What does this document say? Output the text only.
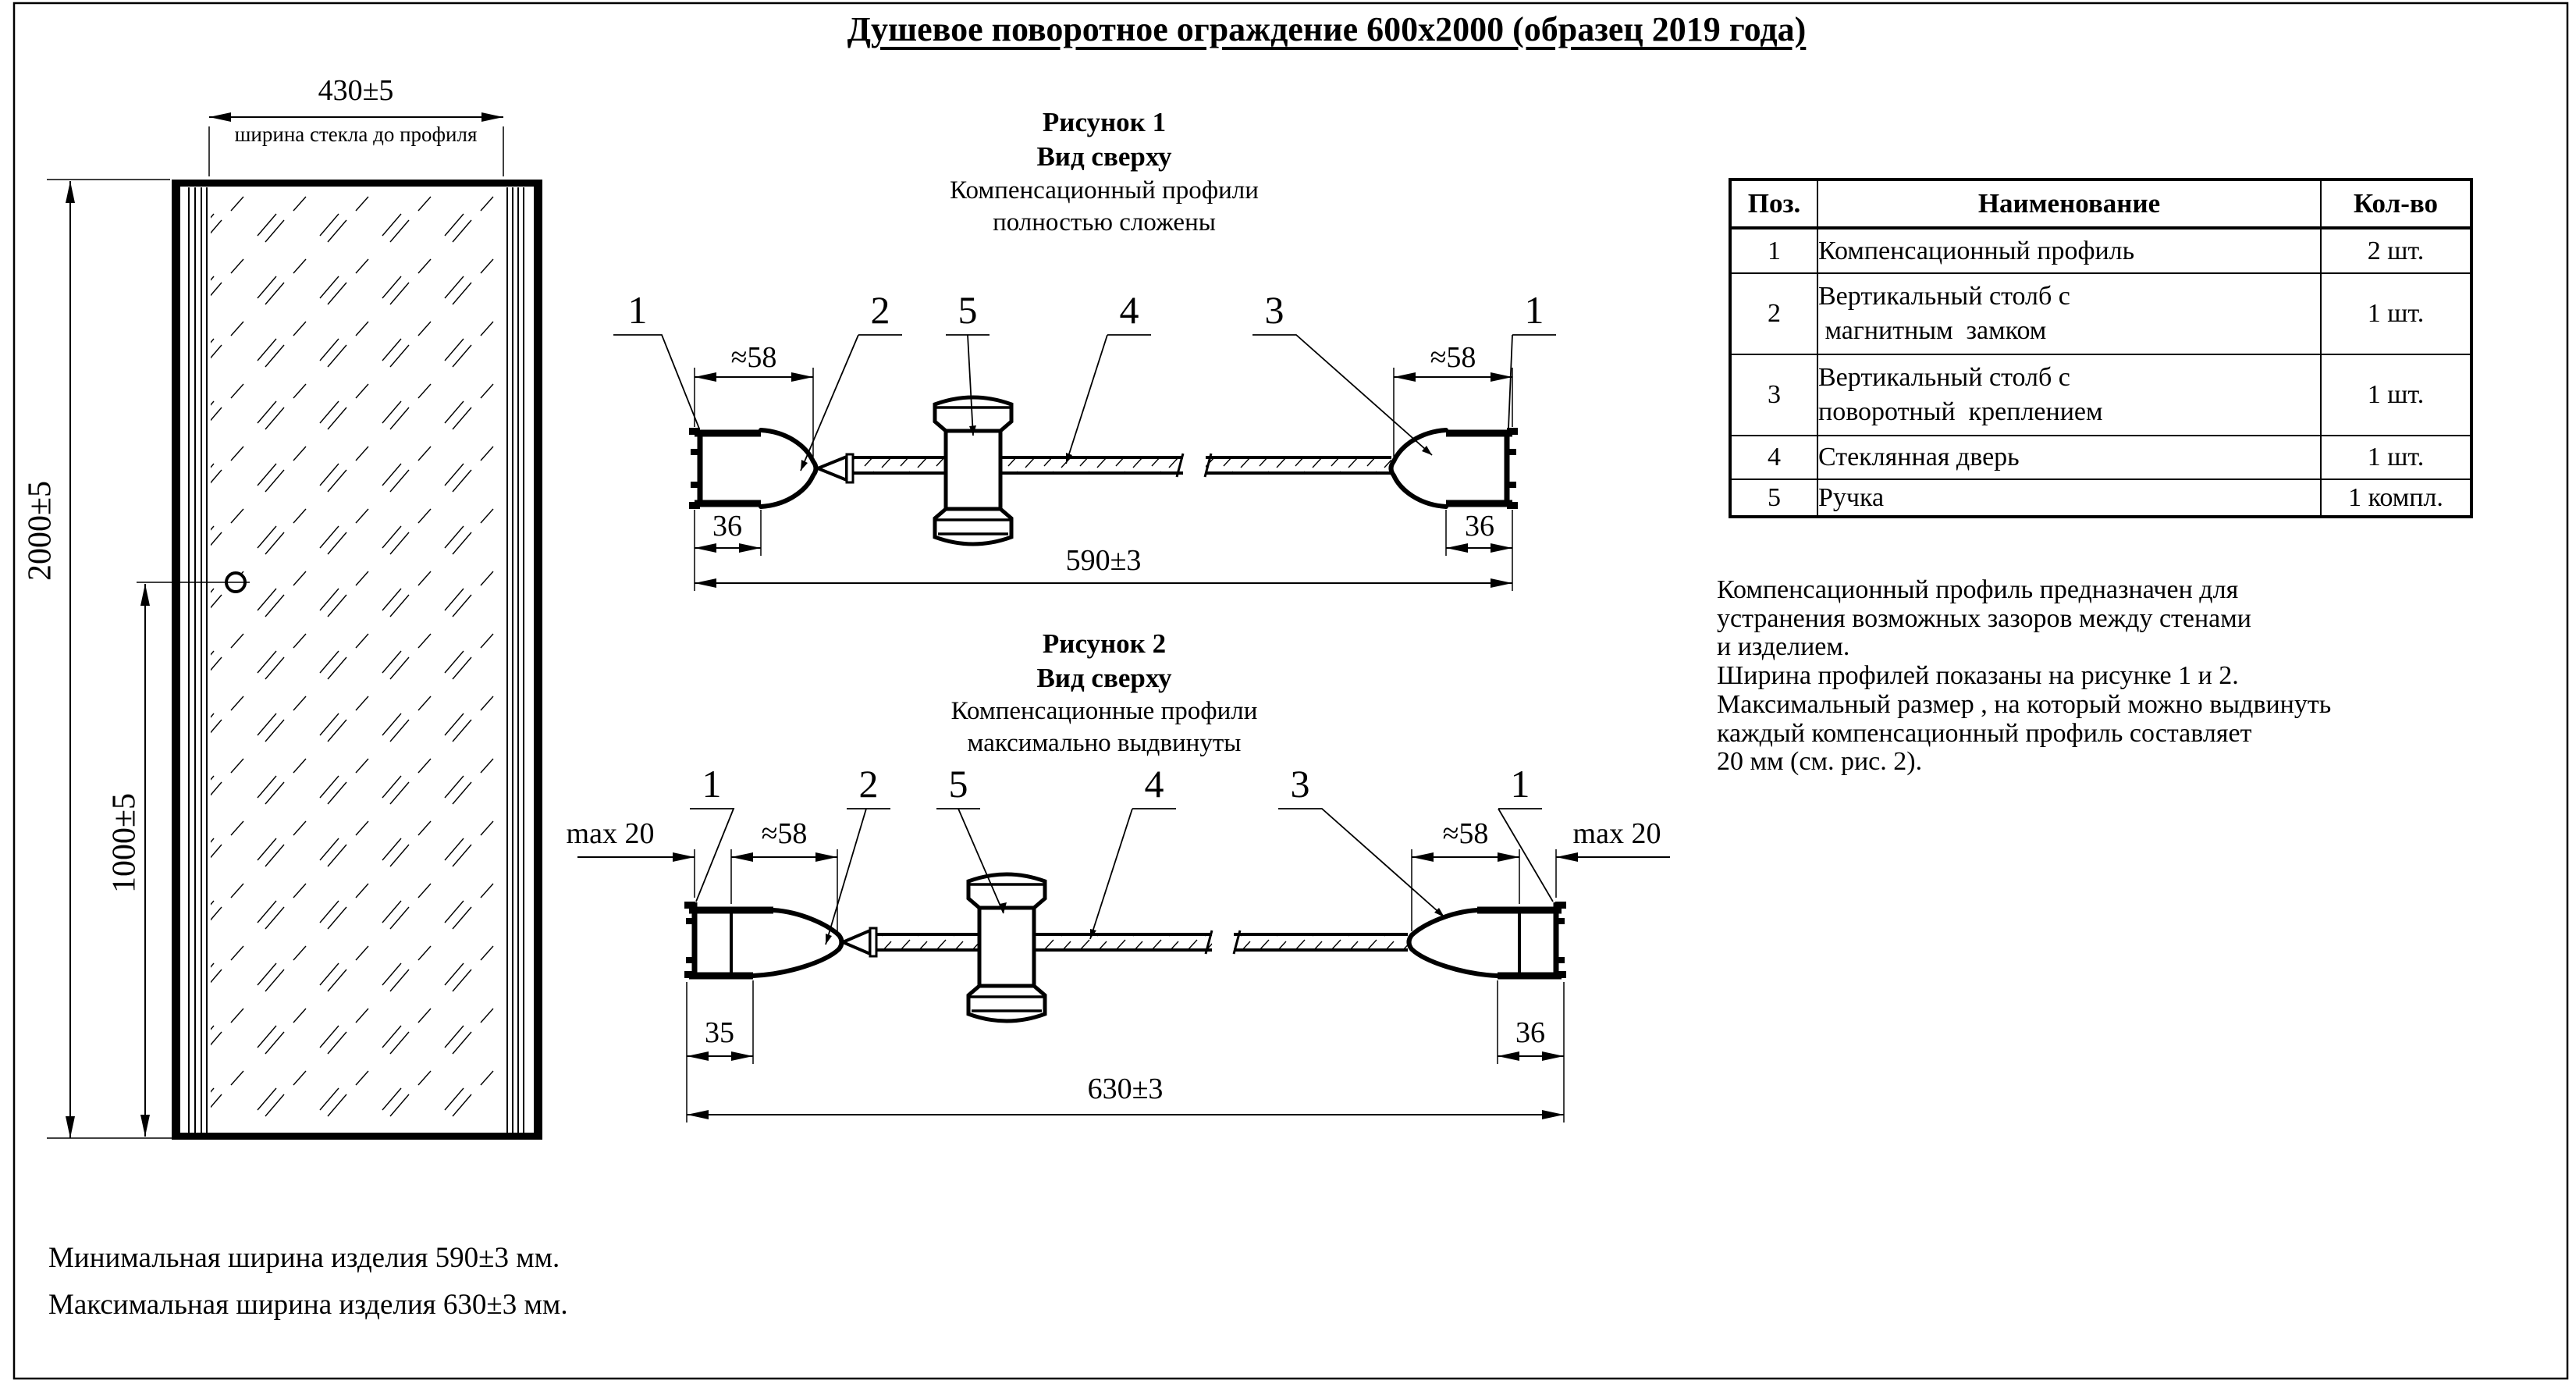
Душевое поворотное ограждение 600х2000 (образец 2019 года)
430±5
ширина стекла до профиля
2000±5
1000±5
Рисунок 1
Вид сверху
Компенсационный профили
полностью сложены
1	2 5	4	3	1
≈58	≈58
36	36
590±3
Рисунок 2
Вид сверху
Компенсационные профили
максимально выдвинуты
1	2 5	4	3	1
max 20	≈58	≈58	max 20
35	36
630±3
Поз.	Наименование	Кол-во
1	Компенсационный профиль	2 шт.
2	Вертикальный столб с
магнитным  замком	1 шт.
3	Вертикальный столб с
поворотный  креплением	1 шт.
4	Стеклянная дверь	1 шт.
5	Ручка	1 компл.
Компенсационный профиль предназначен для
устранения возможных зазоров между стенами
и изделием.
Ширина профилей показаны на рисунке 1 и 2.
Максимальный размер , на который можно выдвинуть
каждый компенсационный профиль составляет
20 мм (см. рис. 2).
Минимальная ширина изделия 590±3 мм.
Максимальная ширина изделия 630±3 мм.
